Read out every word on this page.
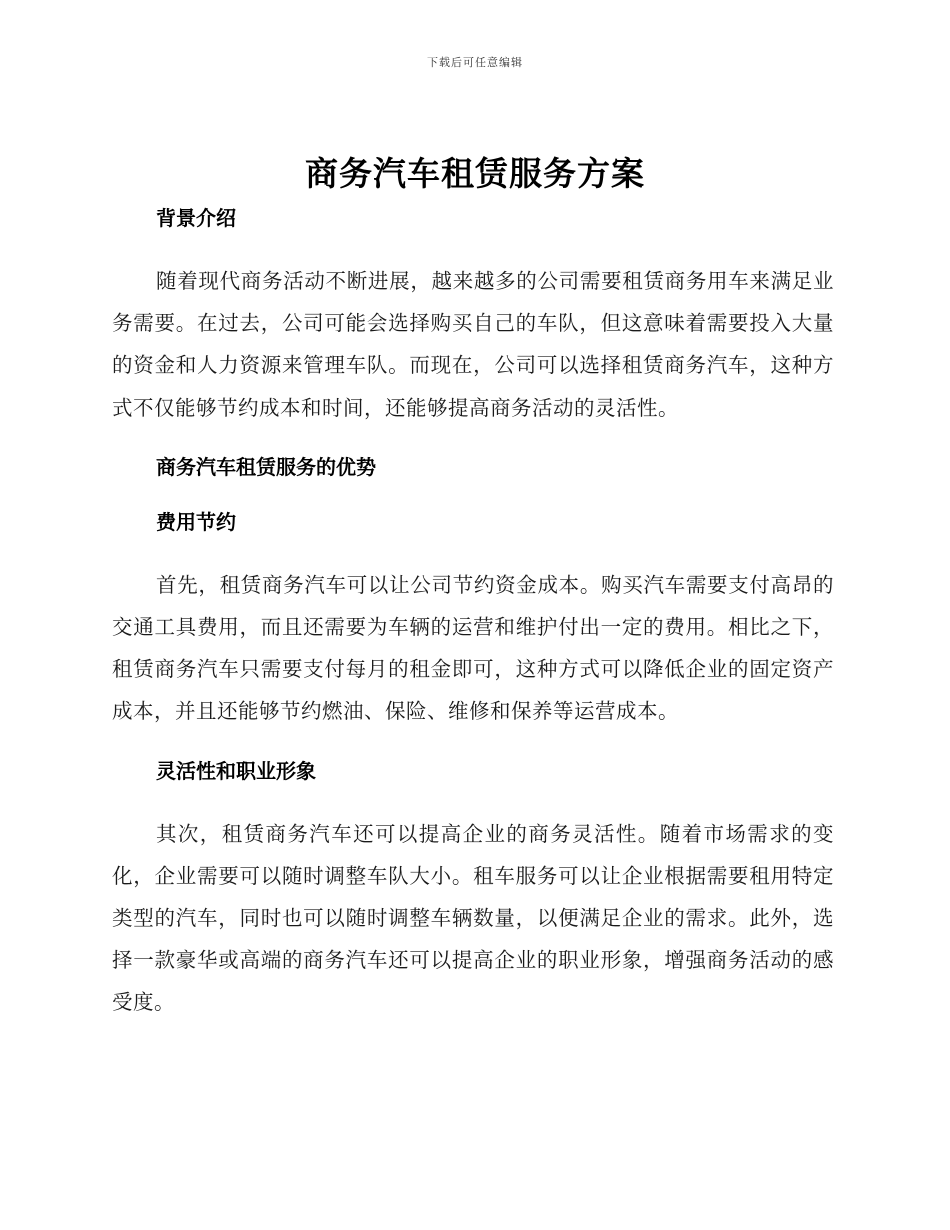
下载后可任意编辑
商务汽车租赁服务方案
背景介绍

随着现代商务活动不断进展，越来越多的公司需要租赁商务用车来满足业务需要。在过去，公司可能会选择购买自己的车队，但这意味着需要投入大量的资金和人力资源来管理车队。而现在，公司可以选择租赁商务汽车，这种方式不仅能够节约成本和时间，还能够提高商务活动的灵活性。

商务汽车租赁服务的优势
费用节约

首先，租赁商务汽车可以让公司节约资金成本。购买汽车需要支付高昂的交通工具费用，而且还需要为车辆的运营和维护付出一定的费用。相比之下，租赁商务汽车只需要支付每月的租金即可，这种方式可以降低企业的固定资产成本，并且还能够节约燃油、保险、维修和保养等运营成本。

灵活性和职业形象

其次，租赁商务汽车还可以提高企业的商务灵活性。随着市场需求的变化，企业需要可以随时调整车队大小。租车服务可以让企业根据需要租用特定类型的汽车，同时也可以随时调整车辆数量，以便满足企业的需求。此外，选择一款豪华或高端的商务汽车还可以提高企业的职业形象，增强商务活动的感受度。
